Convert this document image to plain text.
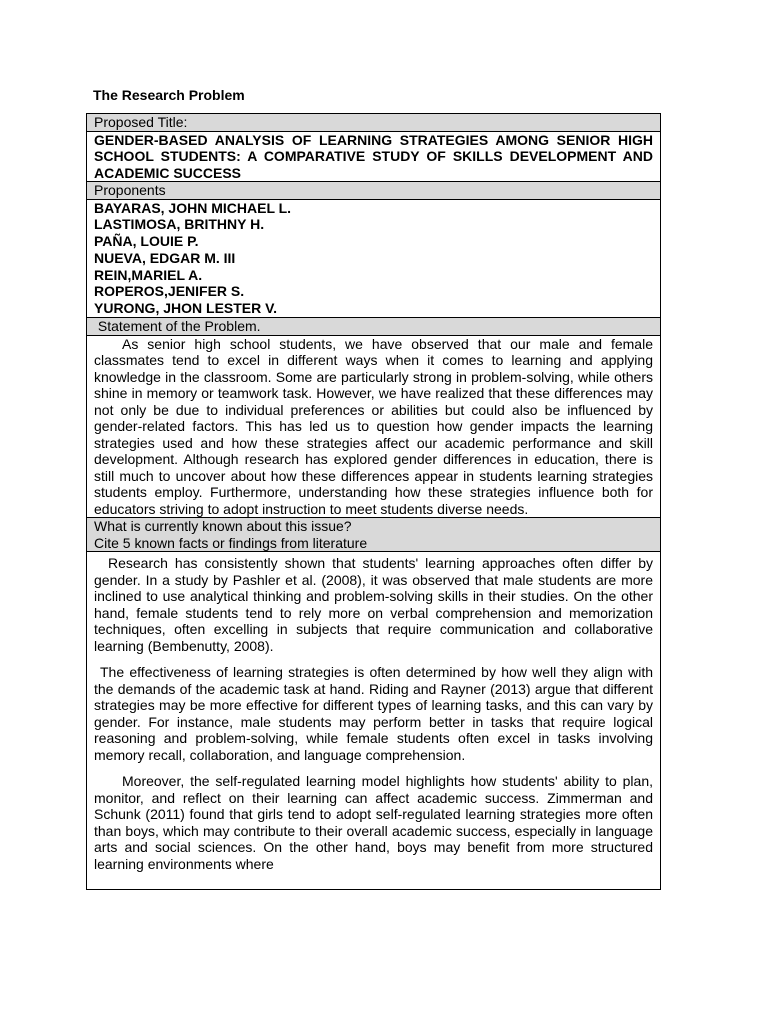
The Research Problem
Proposed Title:
GENDER-BASED ANALYSIS OF LEARNING STRATEGIES AMONG SENIOR HIGH SCHOOL STUDENTS: A COMPARATIVE STUDY OF SKILLS DEVELOPMENT AND ACADEMIC SUCCESS
Proponents

BAYARAS, JOHN MICHAEL L.
LASTIMOSA, BRITHNY H.
PAÑA, LOUIE P.
NUEVA, EDGAR M. III
REIN,MARIEL A.
ROPEROS,JENIFER S.
YURONG, JHON LESTER V.

Statement of the Problem.

As senior high school students, we have observed that our male and female classmates tend to excel in different ways when it comes to learning and applying knowledge in the classroom. Some are particularly strong in problem-solving, while others shine in memory or teamwork task. However, we have realized that these differences may not only be due to individual preferences or abilities but could also be influenced by gender-related factors. This has led us to question how gender impacts the learning strategies used and how these strategies affect our academic performance and skill development. Although research has explored gender differences in education, there is still much to uncover about how these differences appear in students learning strategies students employ. Furthermore, understanding how these strategies influence both for educators striving to adopt instruction to meet students diverse needs.

What is currently known about this issue?
Cite 5 known facts or findings from literature

Research has consistently shown that students' learning approaches often differ by gender. In a study by Pashler et al. (2008), it was observed that male students are more inclined to use analytical thinking and problem-solving skills in their studies. On the other hand, female students tend to rely more on verbal comprehension and memorization techniques, often excelling in subjects that require communication and collaborative learning (Bembenutty, 2008).

The effectiveness of learning strategies is often determined by how well they align with the demands of the academic task at hand. Riding and Rayner (2013) argue that different strategies may be more effective for different types of learning tasks, and this can vary by gender. For instance, male students may perform better in tasks that require logical reasoning and problem-solving, while female students often excel in tasks involving memory recall, collaboration, and language comprehension.

Moreover, the self-regulated learning model highlights how students' ability to plan, monitor, and reflect on their learning can affect academic success. Zimmerman and Schunk (2011) found that girls tend to adopt self-regulated learning strategies more often than boys, which may contribute to their overall academic success, especially in language arts and social sciences. On the other hand, boys may benefit from more structured learning environments where
